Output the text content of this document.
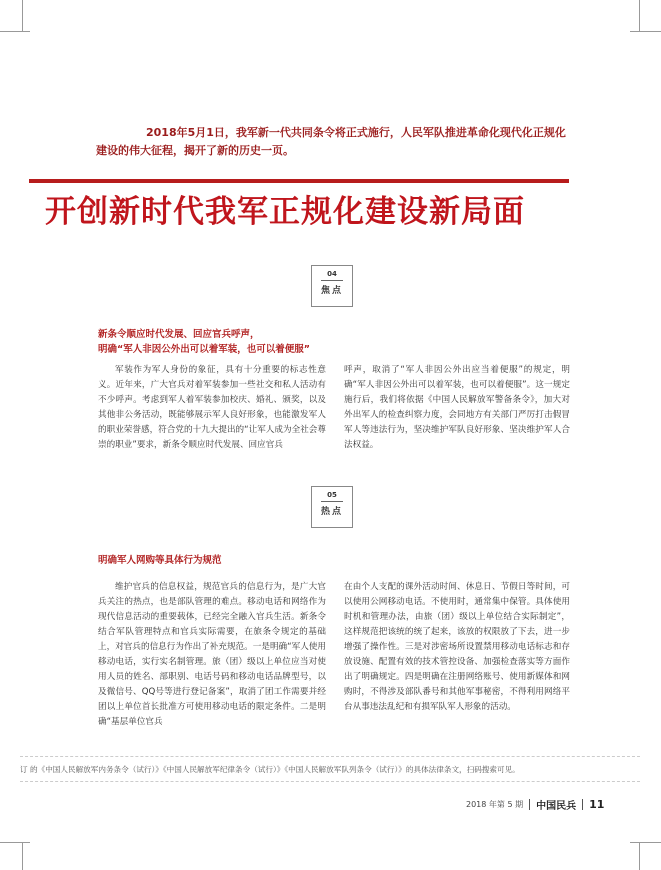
2018年5月1日，我军新一代共同条令将正式施行，人民军队推进革命化现代化正规化建设的伟大征程，揭开了新的历史一页。
开创新时代我军正规化建设新局面
04
焦点
新条令顺应时代发展、回应官兵呼声，
明确“军人非因公外出可以着军装，也可以着便服”
军装作为军人身份的象征，具有十分重要的标志性意义。近年来，广大官兵对着军装参加一些社交和私人活动有不少呼声。考虑到军人着军装参加校庆、婚礼、颁奖，以及其他非公务活动，既能够展示军人良好形象，也能激发军人的职业荣誉感，符合党的十九大提出的“让军人成为全社会尊崇的职业”要求，新条令顺应时代发展、回应官兵
呼声，取消了“军人非因公外出应当着便服”的规定，明确“军人非因公外出可以着军装，也可以着便服”。这一规定施行后，我们将依据《中国人民解放军警备条令》，加大对外出军人的检查纠察力度，会同地方有关部门严厉打击假冒军人等违法行为，坚决维护军队良好形象、坚决维护军人合法权益。
05
热点
明确军人网购等具体行为规范
维护官兵的信息权益，规范官兵的信息行为，是广大官兵关注的热点，也是部队管理的难点。移动电话和网络作为现代信息活动的重要载体，已经完全融入官兵生活。新条令结合军队管理特点和官兵实际需要，在旅条令规定的基础上，对官兵的信息行为作出了补充规范。一是明确“军人使用移动电话，实行实名制管理。旅（团）级以上单位应当对使用人员的姓名、部职别、电话号码和移动电话品牌型号，以及微信号、QQ号等进行登记备案”，取消了团工作需要并经团以上单位首长批准方可使用移动电话的限定条件。二是明确“基层单位官兵
在由个人支配的课外活动时间、休息日、节假日等时间，可以使用公网移动电话。不使用时，通常集中保管。具体使用时机和管理办法，由旅（团）级以上单位结合实际制定”，这样规范把该统的统了起来，该放的权限放了下去，进一步增强了操作性。三是对涉密场所设置禁用移动电话标志和存放设施、配置有效的技术管控设备、加强检查落实等方面作出了明确规定。四是明确在注册网络账号、使用新媒体和网购时，不得涉及部队番号和其他军事秘密，不得利用网络平台从事违法乱纪和有损军队军人形象的活动。
订 的《中国人民解放军内务条令（试行）》《中国人民解放军纪律条令（试行）》《中国人民解放军队列条令（试行）》的具体法律条文，扫码搜索可见。
2018 年第 5 期 中国民兵 11
